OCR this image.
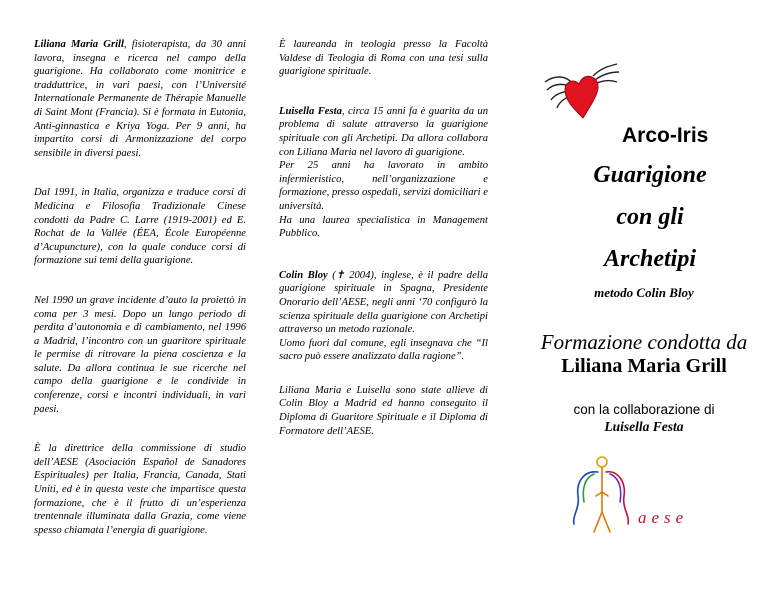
Liliana Maria Grill, fisioterapista, da 30 anni lavora, insegna e ricerca nel campo della guarigione. Ha collaborato come monitrice e tradduttrice, in vari paesi, con l’Université Internationale Permanente de Thérapie Manuelle di Saint Mont (Francia). Si è formata in Eutonia, Anti-ginnastica e Kriya Yoga. Per 9 anni, ha impartito corsi di Armonizzazione del corpo sensibile in diversi paesi.

Dal 1991, in Italia, organizza e traduce corsi di Medicina e Filosofia Tradizionale Cinese condotti da Padre C. Larre (1919-2001) ed E. Rochat de la Vallée (ÉEA, École Européenne d’Acupuncture), con la quale conduce corsi di formazione sui temi della guarigione.

Nel 1990 un grave incidente d’auto la proiettò in coma per 3 mesi. Dopo un lungo periodo di perdita d’autonomia e di cambiamento, nel 1996 a Madrid, l’incontro con un guaritore spirituale le permise di ritrovare la piena coscienza e la salute. Da allora continua le sue ricerche nel campo della guarigione e le condivide in conferenze, corsi e incontri individuali, in vari paesi.

È la direttrice della commissione di studio dell’AESE (Asociación Español de Sanadores Espirituales) per Italia, Francia, Canada, Stati Uniti, ed è in questa veste che impartisce questa formazione, che è il frutto di un’esperienza trentennale illuminata dalla Grazia, come viene spesso chiamata l’energia di guarigione.

È laureanda in teologia presso la Facoltà Valdese di Teologia di Roma con una tesi sulla guarigione spirituale.

Luisella Festa, circa 15 anni fa è guarita da un problema di salute attraverso la guarigione spirituale con gli Archetipi. Da allora collabora con Liliana Maria nel lavoro di guarigione.
Per 25 anni ha lavorato in ambito infermieristico, nell’organizzazione e formazione, presso ospedali, servizi domiciliari e università.
Ha una laurea specialistica in Management Pubblico.

Colin Bloy (✝ 2004), inglese, è il padre della guarigione spirituale in Spagna, Presidente Onorario dell’AESE, negli anni ‘70 configurò la scienza spirituale della guarigione con Archetipi attraverso un metodo razionale.
Uomo fuori dal comune, egli insegnava che “Il sacro può essere analizzato dalla ragione”.

Liliana Maria e Luisella sono state allieve di Colin Bloy a Madrid ed hanno conseguito il Diploma di Guaritore Spirituale e il Diploma di Formatore dell’AESE.

Arco-Iris
Guarigione
con gli
Archetipi
metodo Colin Bloy
Formazione condotta da
Liliana Maria Grill
con la collaborazione di
Luisella Festa
aese
